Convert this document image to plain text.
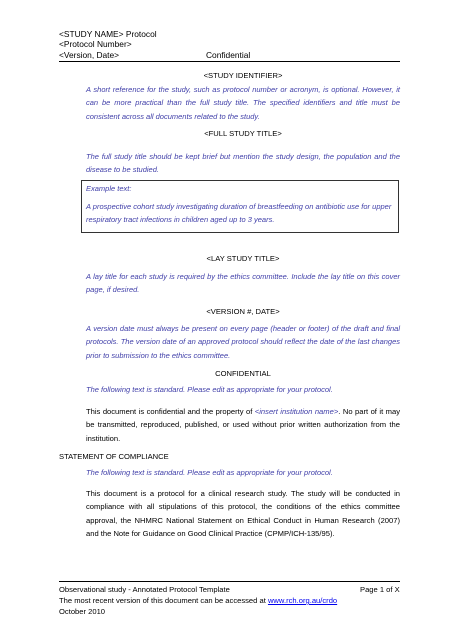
<STUDY NAME> Protocol
<Protocol Number>
<Version, Date>	Confidential
<STUDY IDENTIFIER>
A short reference for the study, such as protocol number or acronym, is optional. However, it can be more practical than the full study title. The specified identifiers and title must be consistent across all documents related to the study.
<FULL STUDY TITLE>
The full study title should be kept brief but mention the study design, the population and the disease to be studied.
Example text:
A prospective cohort study investigating duration of breastfeeding on antibiotic use for upper respiratory tract infections in children aged up to 3 years.
<LAY STUDY TITLE>
A lay title for each study is required by the ethics committee. Include the lay title on this cover page, if desired.
<VERSION #, DATE>
A version date must always be present on every page (header or footer) of the draft and final protocols. The version date of an approved protocol should reflect the date of the last changes prior to submission to the ethics committee.
CONFIDENTIAL
The following text is standard. Please edit as appropriate for your protocol.
This document is confidential and the property of <insert institution name>. No part of it may be transmitted, reproduced, published, or used without prior written authorization from the institution.
STATEMENT OF COMPLIANCE
The following text is standard. Please edit as appropriate for your protocol.
This document is a protocol for a clinical research study. The study will be conducted in compliance with all stipulations of this protocol, the conditions of the ethics committee approval, the NHMRC National Statement on Ethical Conduct in Human Research (2007) and the Note for Guidance on Good Clinical Practice (CPMP/ICH-135/95).
Observational study - Annotated Protocol Template
The most recent version of this document can be accessed at www.rch.org.au/crdo
October 2010
Page 1 of X
